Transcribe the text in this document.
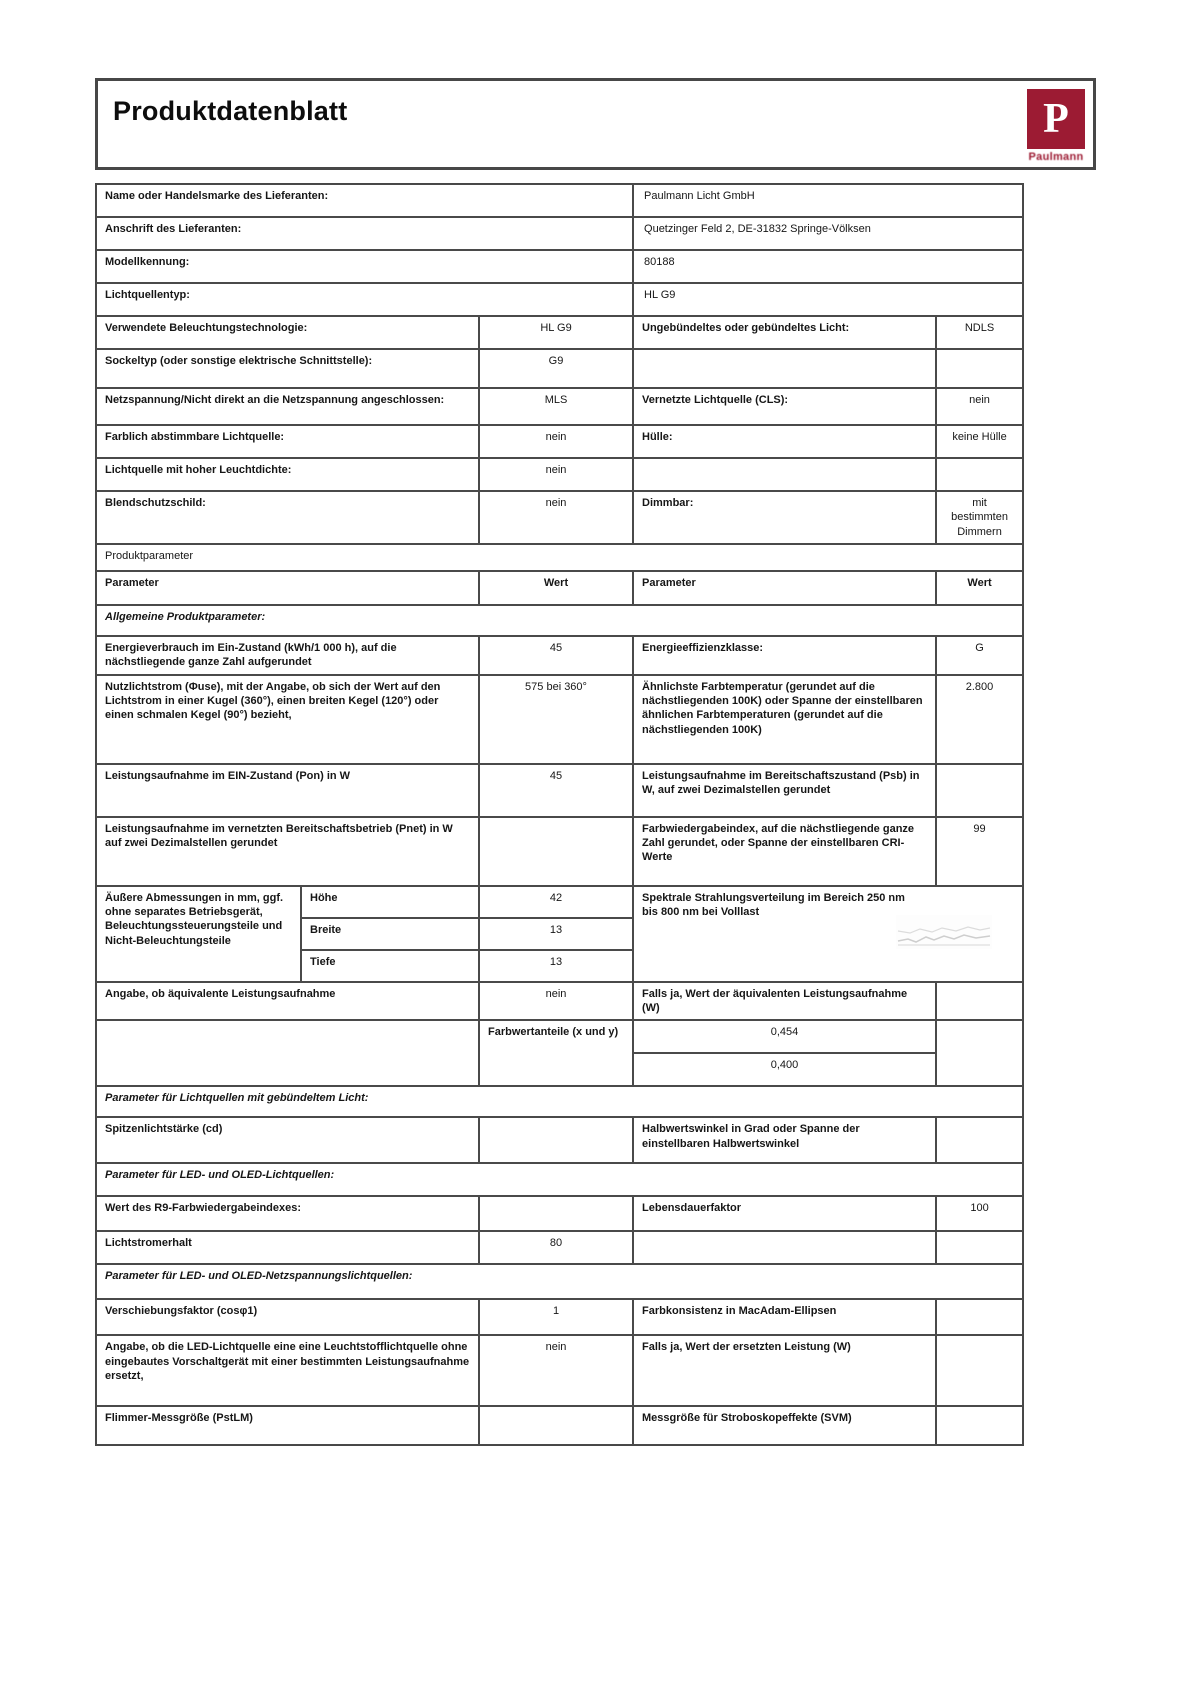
Produktdatenblatt	P
Paulmann
Name oder Handelsmarke des Lieferanten:			Paulmann Licht GmbH	
Anschrift des Lieferanten:			Quetzinger Feld 2, DE-31832 Springe-Völksen	
Modellkennung:			80188	
Lichtquellentyp:			HL G9	
Verwendete Beleuchtungstechnologie:		HL G9	Ungebündeltes oder gebündeltes Licht:	NDLS
Sockeltyp (oder sonstige elektrische Schnittstelle):		G9		
Netzspannung/Nicht direkt an die Netzspannung angeschlossen:		MLS	Vernetzte Lichtquelle (CLS):	nein
Farblich abstimmbare Lichtquelle:		nein	Hülle:	keine Hülle
Lichtquelle mit hoher Leuchtdichte:		nein		
Blendschutzschild:		nein	Dimmbar:	mit bestimmten Dimmern
Produktparameter				
Parameter		Wert	Parameter	Wert
Allgemeine Produktparameter:				
Energieverbrauch im Ein-Zustand (kWh/1 000 h), auf die nächstliegende ganze Zahl aufgerundet		45	Energieeffizienzklasse:	G
Nutzlichtstrom (Φuse), mit der Angabe, ob sich der Wert auf den Lichtstrom in einer Kugel (360°), einen breiten Kegel (120°) oder einen schmalen Kegel (90°) bezieht,		575 bei 360°	Ähnlichste Farbtemperatur (gerundet auf die nächstliegenden 100K) oder Spanne der einstellbaren ähnlichen Farbtemperaturen (gerundet auf die nächstliegenden 100K)	2.800
Leistungsaufnahme im EIN-Zustand (Pon) in W		45	Leistungsaufnahme im Bereitschaftszustand (Psb) in W, auf zwei Dezimalstellen gerundet	
Leistungsaufnahme im vernetzten Bereitschaftsbetrieb (Pnet) in W auf zwei Dezimalstellen gerundet			Farbwiedergabeindex, auf die nächstliegende ganze Zahl gerundet, oder Spanne der einstellbaren CRI-Werte	99
Äußere Abmessungen in mm, ggf. ohne separates Betriebsgerät, Beleuchtungssteuerungsteile und Nicht-Beleuchtungsteile	Höhe	42	Spektrale Strahlungsverteilung im Bereich 250 nm bis 800 nm bei Volllast	

	Breite	13		
	Tiefe	13		
Angabe, ob äquivalente Leistungsaufnahme		nein	Falls ja, Wert der äquivalenten Leistungsaufnahme (W)	
		Farbwertanteile (x und y)	0,454	
			0,400	
Parameter für Lichtquellen mit gebündeltem Licht:				
Spitzenlichtstärke (cd)			Halbwertswinkel in Grad oder Spanne der einstellbaren Halbwertswinkel	
Parameter für LED- und OLED-Lichtquellen:				
Wert des R9-Farbwiedergabeindexes:			Lebensdauerfaktor	100
Lichtstromerhalt		80		
Parameter für LED- und OLED-Netzspannungslichtquellen:				
Verschiebungsfaktor (cosφ1)		1	Farbkonsistenz in MacAdam-Ellipsen	
Angabe, ob die LED-Lichtquelle eine eine Leuchtstofflichtquelle ohne eingebautes Vorschaltgerät mit einer bestimmten Leistungsaufnahme ersetzt,		nein	Falls ja, Wert der ersetzten Leistung (W)	
Flimmer-Messgröße (PstLM)			Messgröße für Stroboskopeffekte (SVM)	
